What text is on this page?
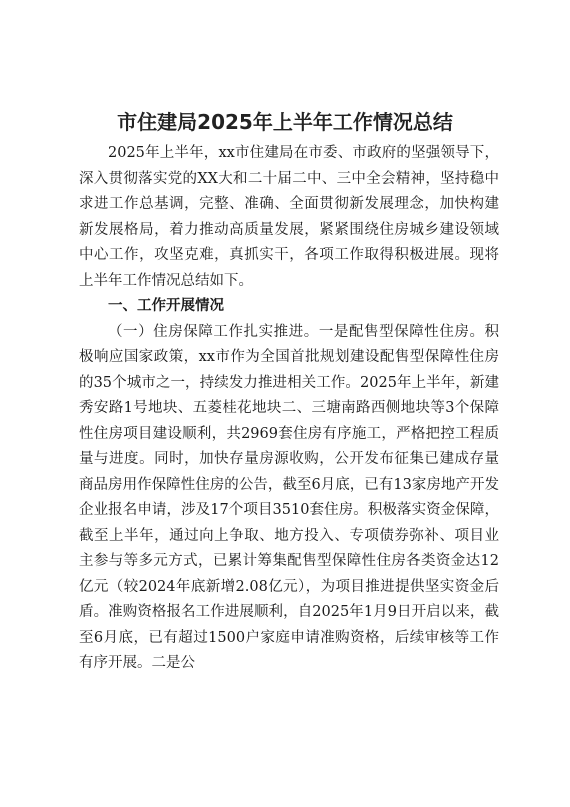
市住建局2025年上半年工作情况总结

2025年上半年，xx市住建局在市委、市政府的坚强领导下，深入贯彻落实党的XX大和二十届二中、三中全会精神，坚持稳中求进工作总基调，完整、准确、全面贯彻新发展理念，加快构建新发展格局，着力推动高质量发展，紧紧围绕住房城乡建设领域中心工作，攻坚克难，真抓实干，各项工作取得积极进展。现将上半年工作情况总结如下。

一、工作开展情况

（一）住房保障工作扎实推进。一是配售型保障性住房。积极响应国家政策，xx市作为全国首批规划建设配售型保障性住房的35个城市之一，持续发力推进相关工作。2025年上半年，新建秀安路1号地块、五菱桂花地块二、三塘南路西侧地块等3个保障性住房项目建设顺利，共2969套住房有序施工，严格把控工程质量与进度。同时，加快存量房源收购，公开发布征集已建成存量商品房用作保障性住房的公告，截至6月底，已有13家房地产开发企业报名申请，涉及17个项目3510套住房。积极落实资金保障，截至上半年，通过向上争取、地方投入、专项债券弥补、项目业主参与等多元方式，已累计筹集配售型保障性住房各类资金达12亿元（较2024年底新增2.08亿元），为项目推进提供坚实资金后盾。准购资格报名工作进展顺利，自2025年1月9日开启以来，截至6月底，已有超过1500户家庭申请准购资格，后续审核等工作有序开展。二是公
